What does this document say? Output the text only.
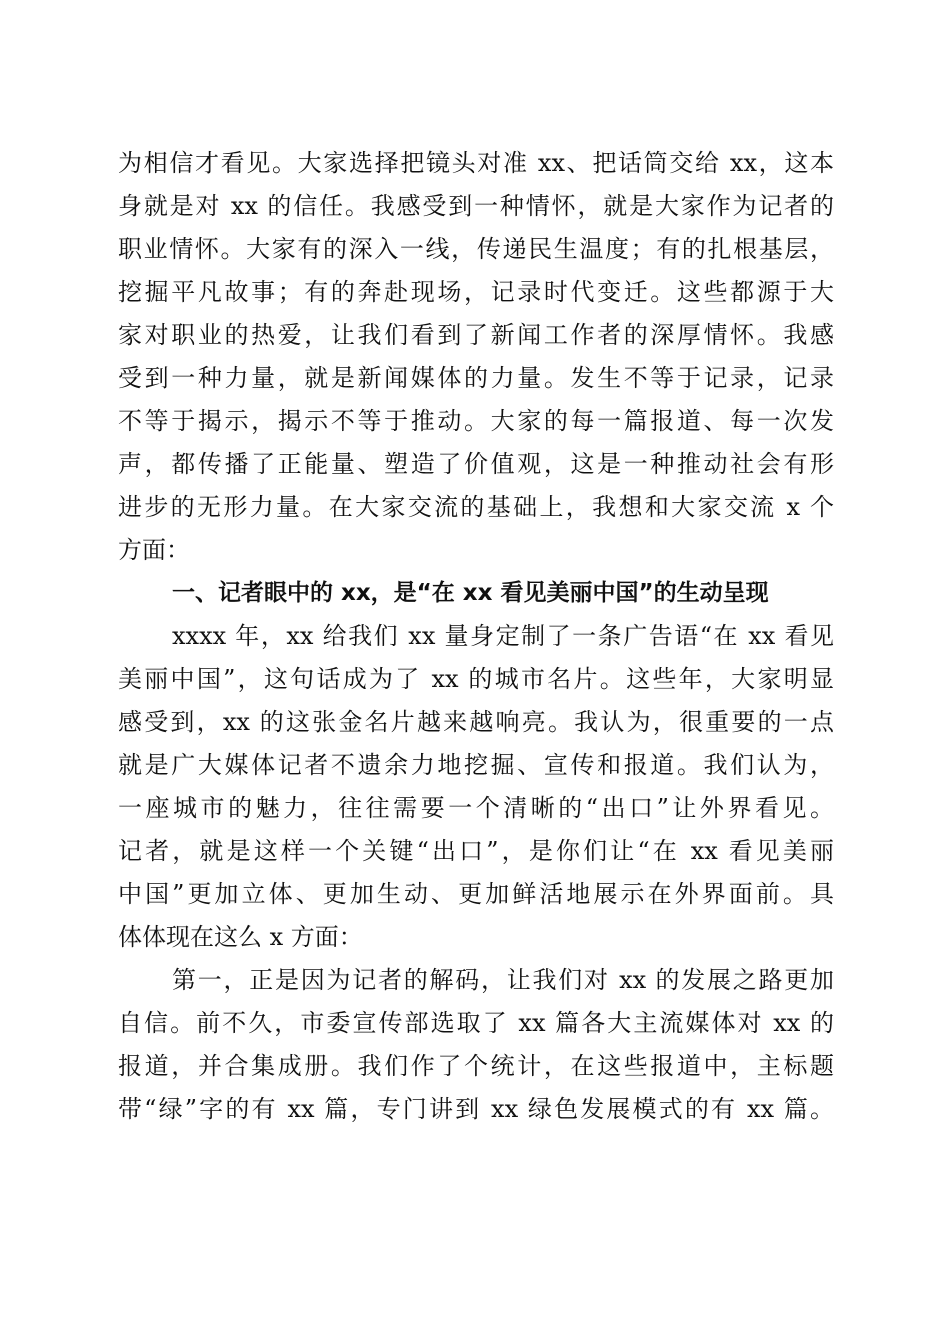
为相信才看见。大家选择把镜头对准 xx、把话筒交给 xx，这本
身就是对 xx 的信任。我感受到一种情怀，就是大家作为记者的
职业情怀。大家有的深入一线，传递民生温度；有的扎根基层，
挖掘平凡故事；有的奔赴现场，记录时代变迁。这些都源于大
家对职业的热爱，让我们看到了新闻工作者的深厚情怀。我感
受到一种力量，就是新闻媒体的力量。发生不等于记录，记录
不等于揭示，揭示不等于推动。大家的每一篇报道、每一次发
声，都传播了正能量、塑造了价值观，这是一种推动社会有形
进步的无形力量。在大家交流的基础上，我想和大家交流 x 个
方面：
一、记者眼中的 xx，是“在 xx 看见美丽中国”的生动呈现
xxxx 年，xx 给我们 xx 量身定制了一条广告语“在 xx 看见
美丽中国”，这句话成为了 xx 的城市名片。这些年，大家明显
感受到，xx 的这张金名片越来越响亮。我认为，很重要的一点
就是广大媒体记者不遗余力地挖掘、宣传和报道。我们认为，
一座城市的魅力，往往需要一个清晰的“出口”让外界看见。
记者，就是这样一个关键“出口”，是你们让“在 xx 看见美丽
中国”更加立体、更加生动、更加鲜活地展示在外界面前。具
体体现在这么 x 方面：
第一，正是因为记者的解码，让我们对 xx 的发展之路更加
自信。前不久，市委宣传部选取了 xx 篇各大主流媒体对 xx 的
报道，并合集成册。我们作了个统计，在这些报道中，主标题
带“绿”字的有 xx 篇，专门讲到 xx 绿色发展模式的有 xx 篇。
